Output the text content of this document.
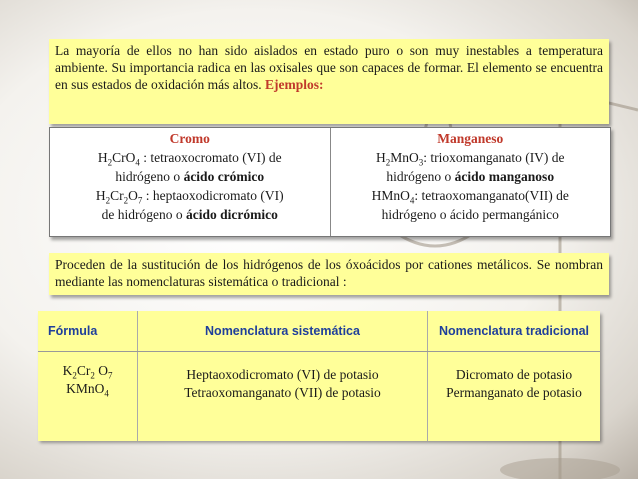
La mayoría de ellos no han sido aislados en estado puro o son muy inestables a temperatura ambiente. Su importancia radica en las oxisales que son capaces de formar. El elemento se encuentra en sus estados de oxidación más altos. Ejemplos:
Cromo
$H_2CrO_4$ : tetraoxocromato (VI) de
hidrógeno o ácido crómico
$H_2Cr_2O_7$ : heptaoxodicromato (VI)
de hidrógeno o ácido dicrómico
Manganeso
$H_2MnO_3$: trioxomanganato (IV) de
hidrógeno o ácido manganoso
HMnO$_4$: tetraoxomanganato(VII) de
hidrógeno o ácido permangánico
Proceden de la sustitución de los hidrógenos de los óxoácidos por cationes metálicos. Se nombran mediante las nomenclaturas sistemática o tradicional :
Fórmula	Nomenclatura sistemática	Nomenclatura tradicional
$K_2Cr_2$ $O_7$
KMnO$_4$
Heptaoxodicromato (VI) de potasio
Tetraoxomanganato (VII) de potasio
Dicromato de potasio
Permanganato de potasio
